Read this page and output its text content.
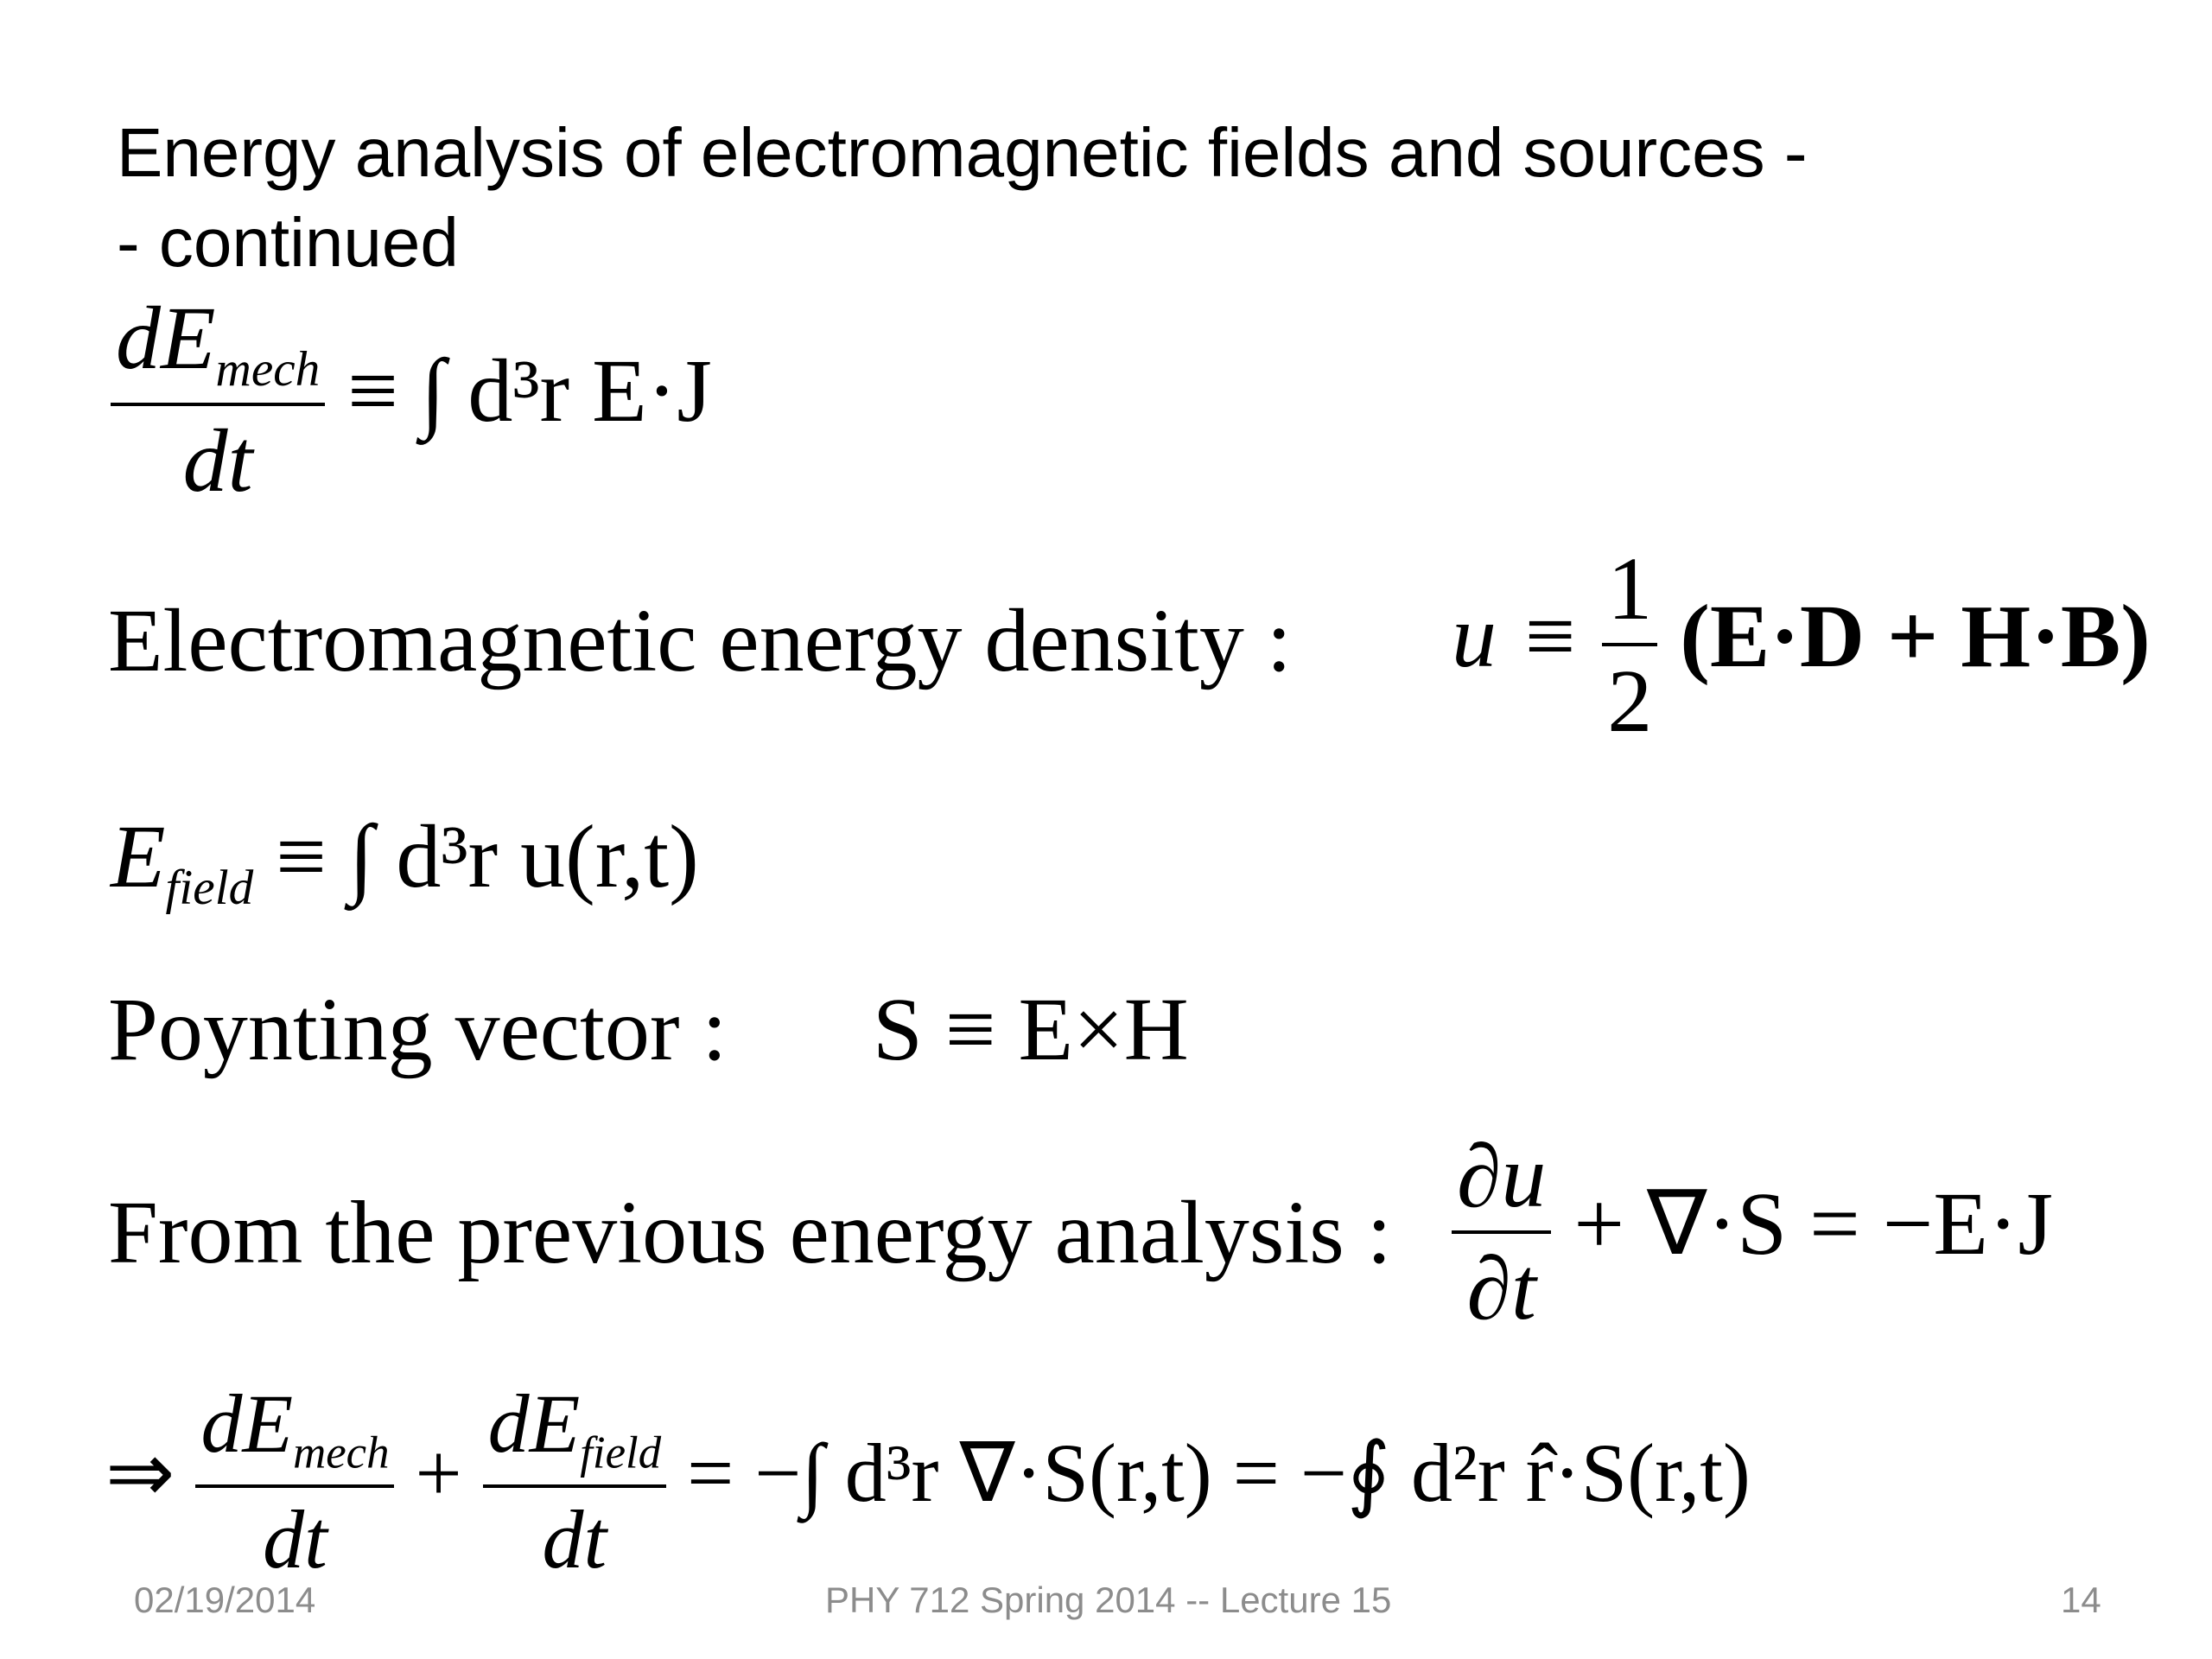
Energy analysis of electromagnetic fields and sources -
- continued
$\frac{dE_{mech}}{dt}$ ≡ ∫ d³r E·J
Electromagnetic energy density : $u \equiv \frac{1}{2} (E\cdot D + H\cdot B)$
$E_{field}$ ≡ ∫ d³r u(r,t)
Poynting vector : S ≡ E×H
From the previous energy analysis : $\frac{\partial u}{\partial t} + \nabla\cdot S = -E\cdot J$
⇒ $\frac{dE_{mech}}{dt} + \frac{dE_{field}}{dt}$ = −∫ d³r ∇·S(r,t) = −∮ d²r r̂·S(r,t)
02/19/2014	PHY 712 Spring 2014 -- Lecture 15	14
